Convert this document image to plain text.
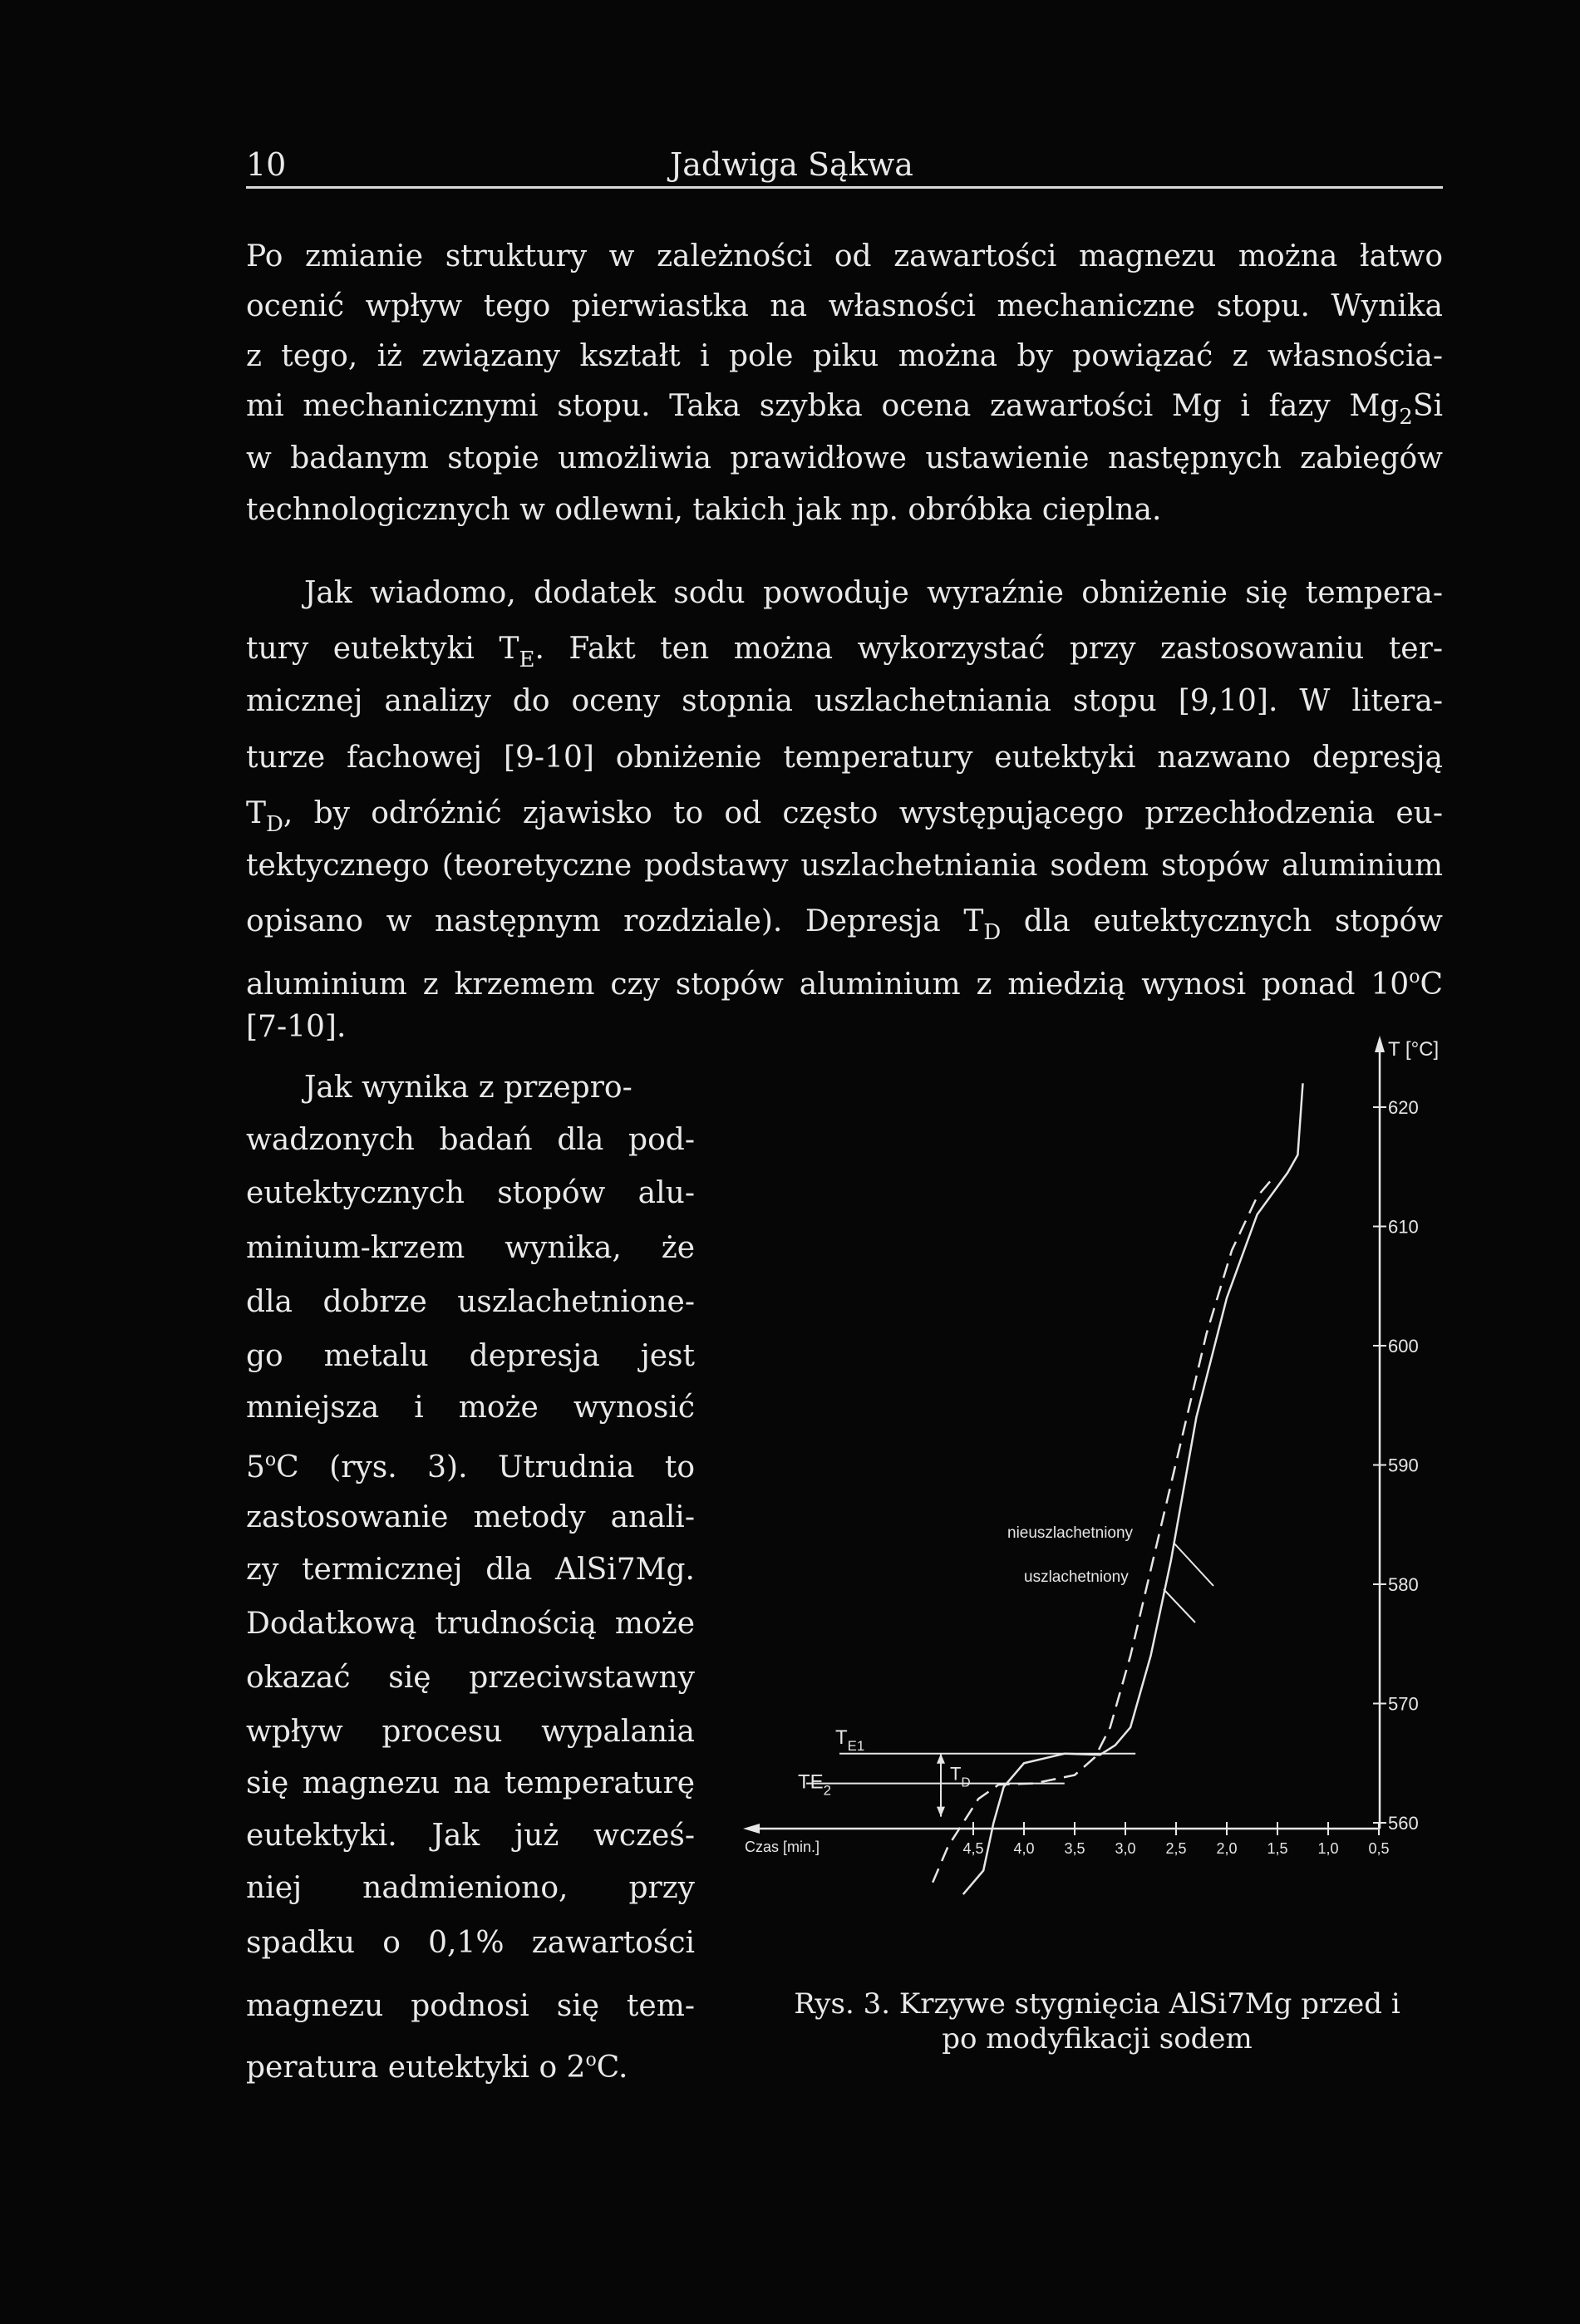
10	Jadwiga Sąkwa
Po zmianie struktury w zależności od zawartości magnezu można łatwo
ocenić wpływ tego pierwiastka na własności mechaniczne stopu. Wynika
z tego, iż związany kształt i pole piku można by powiązać z własnościa-
mi mechanicznymi stopu. Taka szybka ocena zawartości Mg i fazy $Mg_2Si$
w badanym stopie umożliwia prawidłowe ustawienie następnych zabiegów
technologicznych w odlewni, takich jak np. obróbka cieplna.
Jak wiadomo, dodatek sodu powoduje wyraźnie obniżenie się tempera-
tury eutektyki $T_E$. Fakt ten można wykorzystać przy zastosowaniu ter-
micznej analizy do oceny stopnia uszlachetniania stopu [9,10]. W litera-
turze fachowej [9-10] obniżenie temperatury eutektyki nazwano depresją
$T_D$, by odróżnić zjawisko to od często występującego przechłodzenia eu-
tektycznego (teoretyczne podstawy uszlachetniania sodem stopów aluminium
opisano w następnym rozdziale). Depresja $T_D$ dla eutektycznych stopów
aluminium z krzemem czy stopów aluminium z miedzią wynosi ponad 10$^o$C
[7-10].
Jak wynika z przepro-
wadzonych badań dla pod-
eutektycznych stopów alu-
minium-krzem wynika, że
dla dobrze uszlachetnione-
go metalu depresja jest
mniejsza i może wynosić
5$^o$C (rys. 3). Utrudnia to
zastosowanie metody anali-
zy termicznej dla AlSi7Mg.
Dodatkową trudnością może
okazać się przeciwstawny
wpływ procesu wypalania
się magnezu na temperaturę
eutektyki. Jak już wcześ-
niej nadmieniono, przy
spadku o 0,1% zawartości
magnezu podnosi się tem-
peratura eutektyki o 2$^o$C.
T [°C]
620
610
600
590
580
570
560
Czas [min.]	4,5 4,0 3,5 3,0 2,5 2,0 1,5 1,0 0,5
$T_{E1}$
$TE_2$
$T_D$
nieuszlachetniony
uszlachetniony
Rys. 3. Krzywe stygnięcia AlSi7Mg przed i
po modyfikacji sodem
